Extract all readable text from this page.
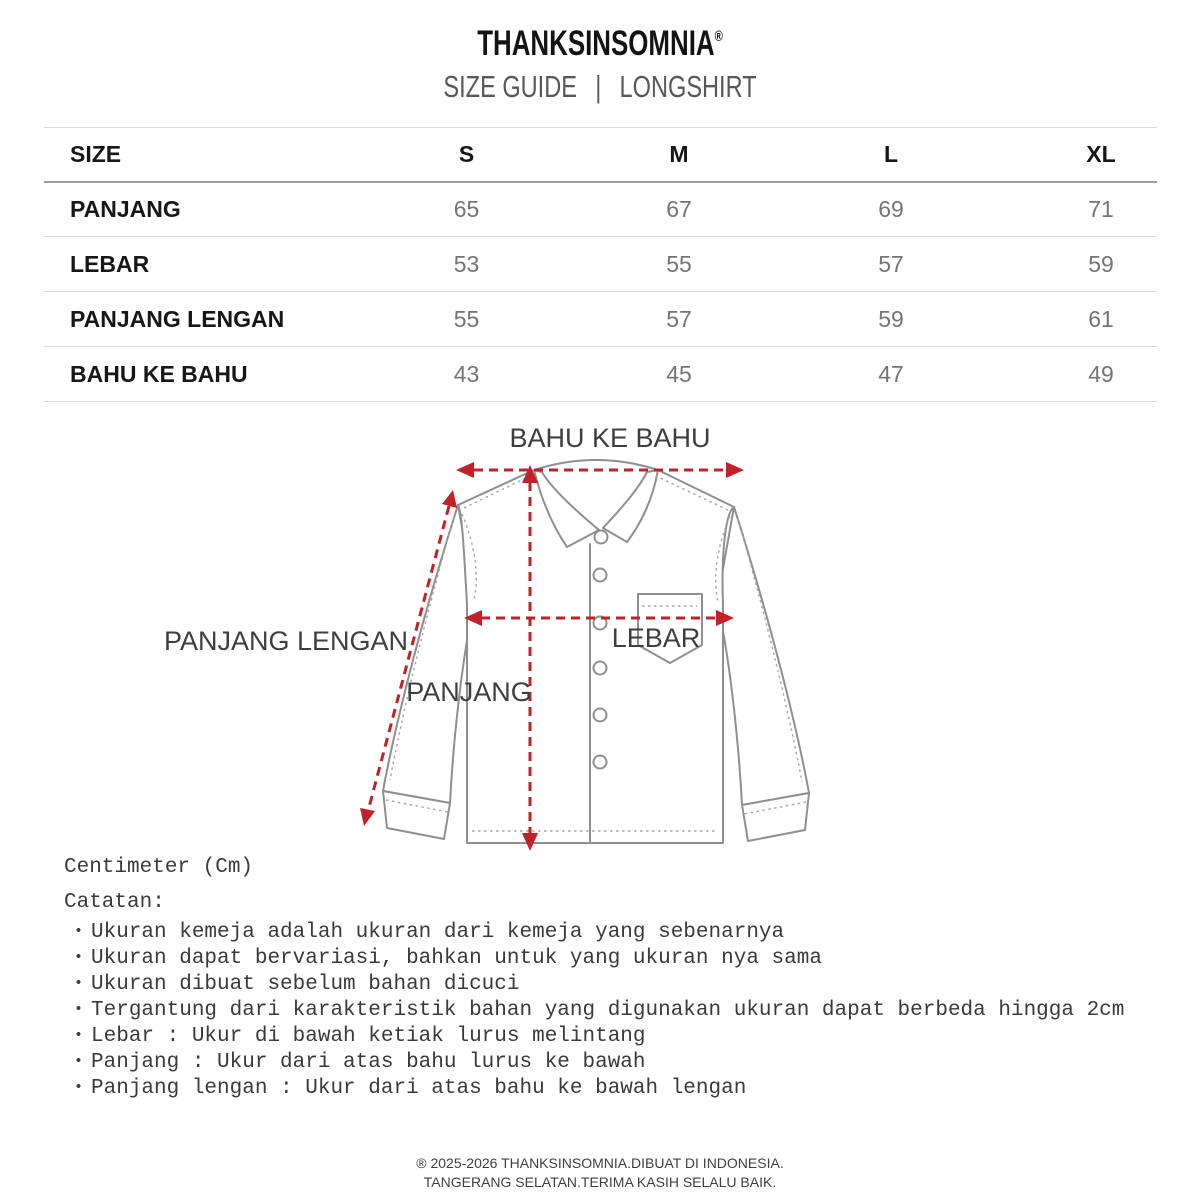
THANKSINSOMNIA®
SIZE GUIDE | LONGSHIRT
SIZE	S	M	L	XL
PANJANG	65	67	69	71
LEBAR	53	55	57	59
PANJANG LENGAN	55	57	59	61
BAHU KE BAHU	43	45	47	49
BAHU KE BAHU
PANJANG LENGAN	LEBAR
PANJANG
Centimeter (Cm)
Catatan:
• Ukuran kemeja adalah ukuran dari kemeja yang sebenarnya
• Ukuran dapat bervariasi, bahkan untuk yang ukuran nya sama
• Ukuran dibuat sebelum bahan dicuci
• Tergantung dari karakteristik bahan yang digunakan ukuran dapat berbeda hingga 2cm
• Lebar : Ukur di bawah ketiak lurus melintang
• Panjang : Ukur dari atas bahu lurus ke bawah
• Panjang lengan : Ukur dari atas bahu ke bawah lengan
® 2025-2026 THANKSINSOMNIA.DIBUAT DI INDONESIA.
TANGERANG SELATAN.TERIMA KASIH SELALU BAIK.
